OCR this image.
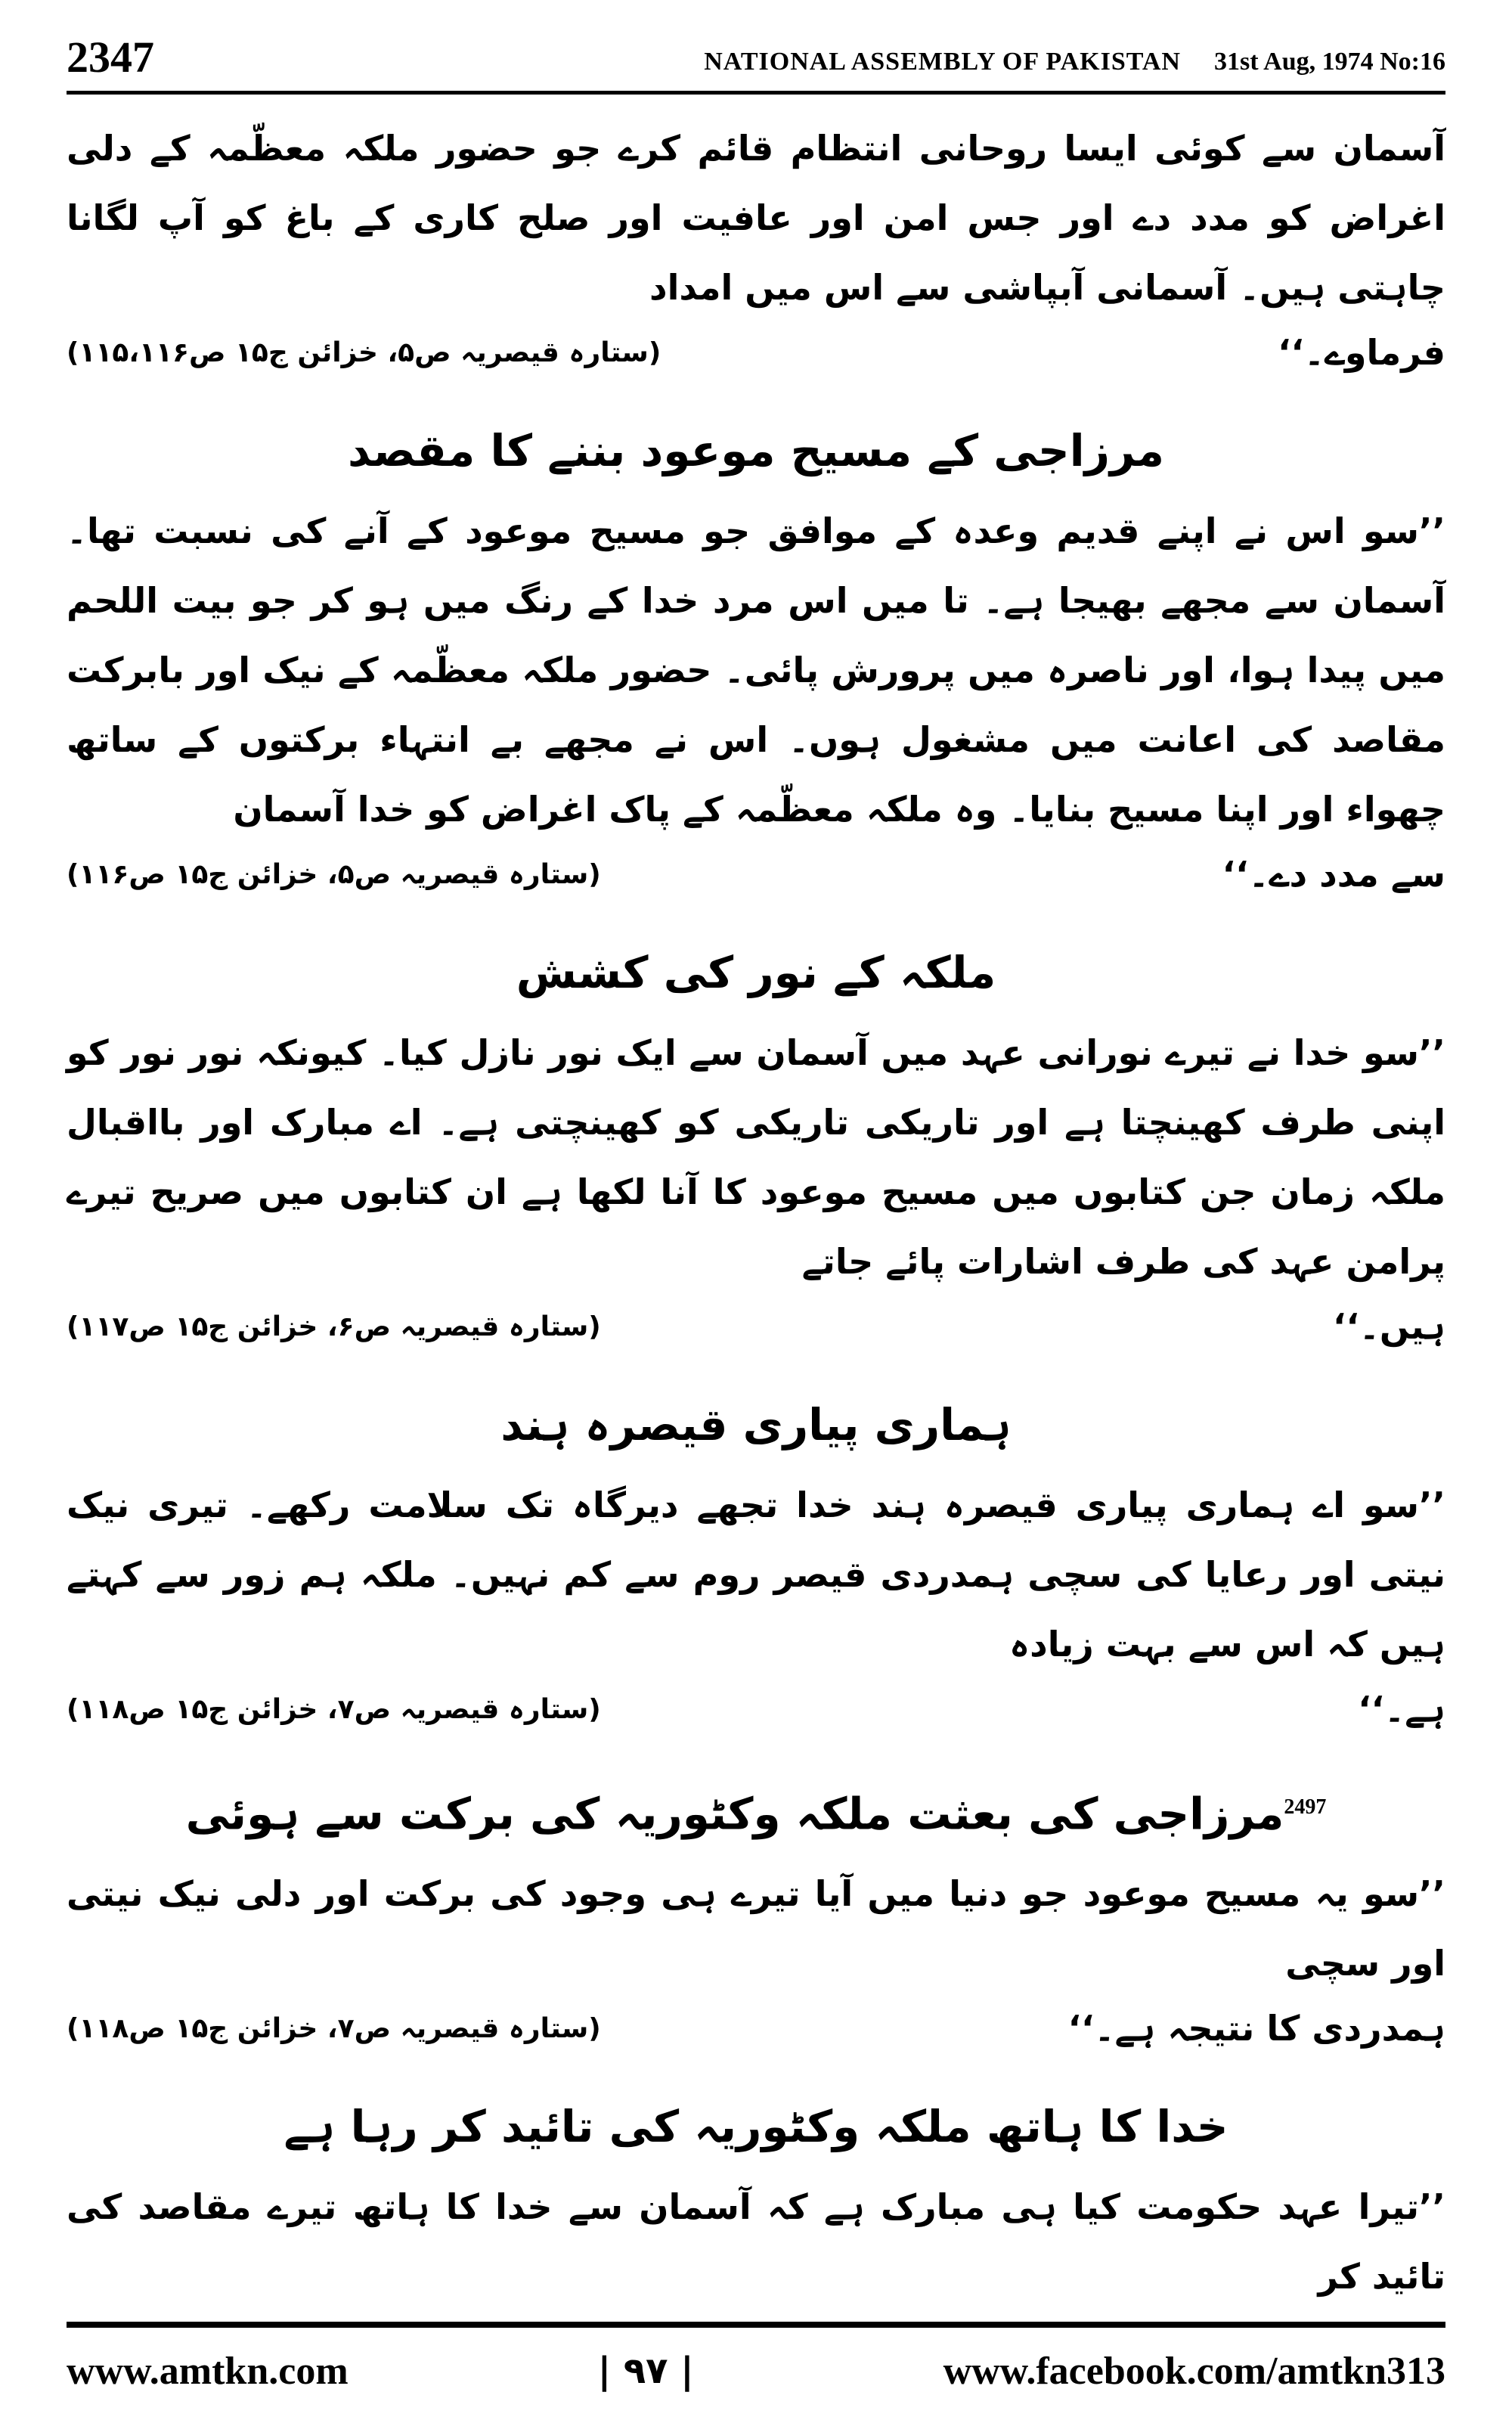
2347	NATIONAL ASSEMBLY OF PAKISTAN 31st Aug, 1974 No:16

آسمان سے کوئی ایسا روحانی انتظام قائم کرے جو حضور ملکہ معظّمہ کے دلی اغراض کو مدد دے اور جس امن اور عافیت اور صلح کاری کے باغ کو آپ لگانا چاہتی ہیں۔ آسمانی آبپاشی سے اس میں امداد

(ستارہ قیصریہ ص۵، خزائن ج۱۵ ص۱۱۵،۱۱۶)	فرماوے۔‘‘
مرزاجی کے مسیح موعود بننے کا مقصد

’’سو اس نے اپنے قدیم وعدہ کے موافق جو مسیح موعود کے آنے کی نسبت تھا۔ آسمان سے مجھے بھیجا ہے۔ تا میں اس مرد خدا کے رنگ میں ہو کر جو بیت اللحم میں پیدا ہوا، اور ناصرہ میں پرورش پائی۔ حضور ملکہ معظّمہ کے نیک اور بابرکت مقاصد کی اعانت میں مشغول ہوں۔ اس نے مجھے بے انتہاء برکتوں کے ساتھ چھواء اور اپنا مسیح بنایا۔ وہ ملکہ معظّمہ کے پاک اغراض کو خدا آسمان

(ستارہ قیصریہ ص۵، خزائن ج۱۵ ص۱۱۶)	سے مدد دے۔‘‘
ملکہ کے نور کی کشش

’’سو خدا نے تیرے نورانی عہد میں آسمان سے ایک نور نازل کیا۔ کیونکہ نور نور کو اپنی طرف کھینچتا ہے اور تاریکی تاریکی کو کھینچتی ہے۔ اے مبارک اور بااقبال ملکہ زمان جن کتابوں میں مسیح موعود کا آنا لکھا ہے ان کتابوں میں صریح تیرے پرامن عہد کی طرف اشارات پائے جاتے

(ستارہ قیصریہ ص۶، خزائن ج۱۵ ص۱۱۷)	ہیں۔‘‘
ہماری پیاری قیصرہ ہند

’’سو اے ہماری پیاری قیصرہ ہند خدا تجھے دیرگاہ تک سلامت رکھے۔ تیری نیک نیتی اور رعایا کی سچی ہمدردی قیصر روم سے کم نہیں۔ ملکہ ہم زور سے کہتے ہیں کہ اس سے بہت زیادہ

(ستارہ قیصریہ ص۷، خزائن ج۱۵ ص۱۱۸)	ہے۔‘‘
$^{2497}$مرزاجی کی بعثت ملکہ وکٹوریہ کی برکت سے ہوئی

’’سو یہ مسیح موعود جو دنیا میں آیا تیرے ہی وجود کی برکت اور دلی نیک نیتی اور سچی

(ستارہ قیصریہ ص۷، خزائن ج۱۵ ص۱۱۸)	ہمدردی کا نتیجہ ہے۔‘‘
خدا کا ہاتھ ملکہ وکٹوریہ کی تائید کر رہا ہے

’’تیرا عہد حکومت کیا ہی مبارک ہے کہ آسمان سے خدا کا ہاتھ تیرے مقاصد کی تائید کر

www.amtkn.com	| ۹۷ |	www.facebook.com/amtkn313
